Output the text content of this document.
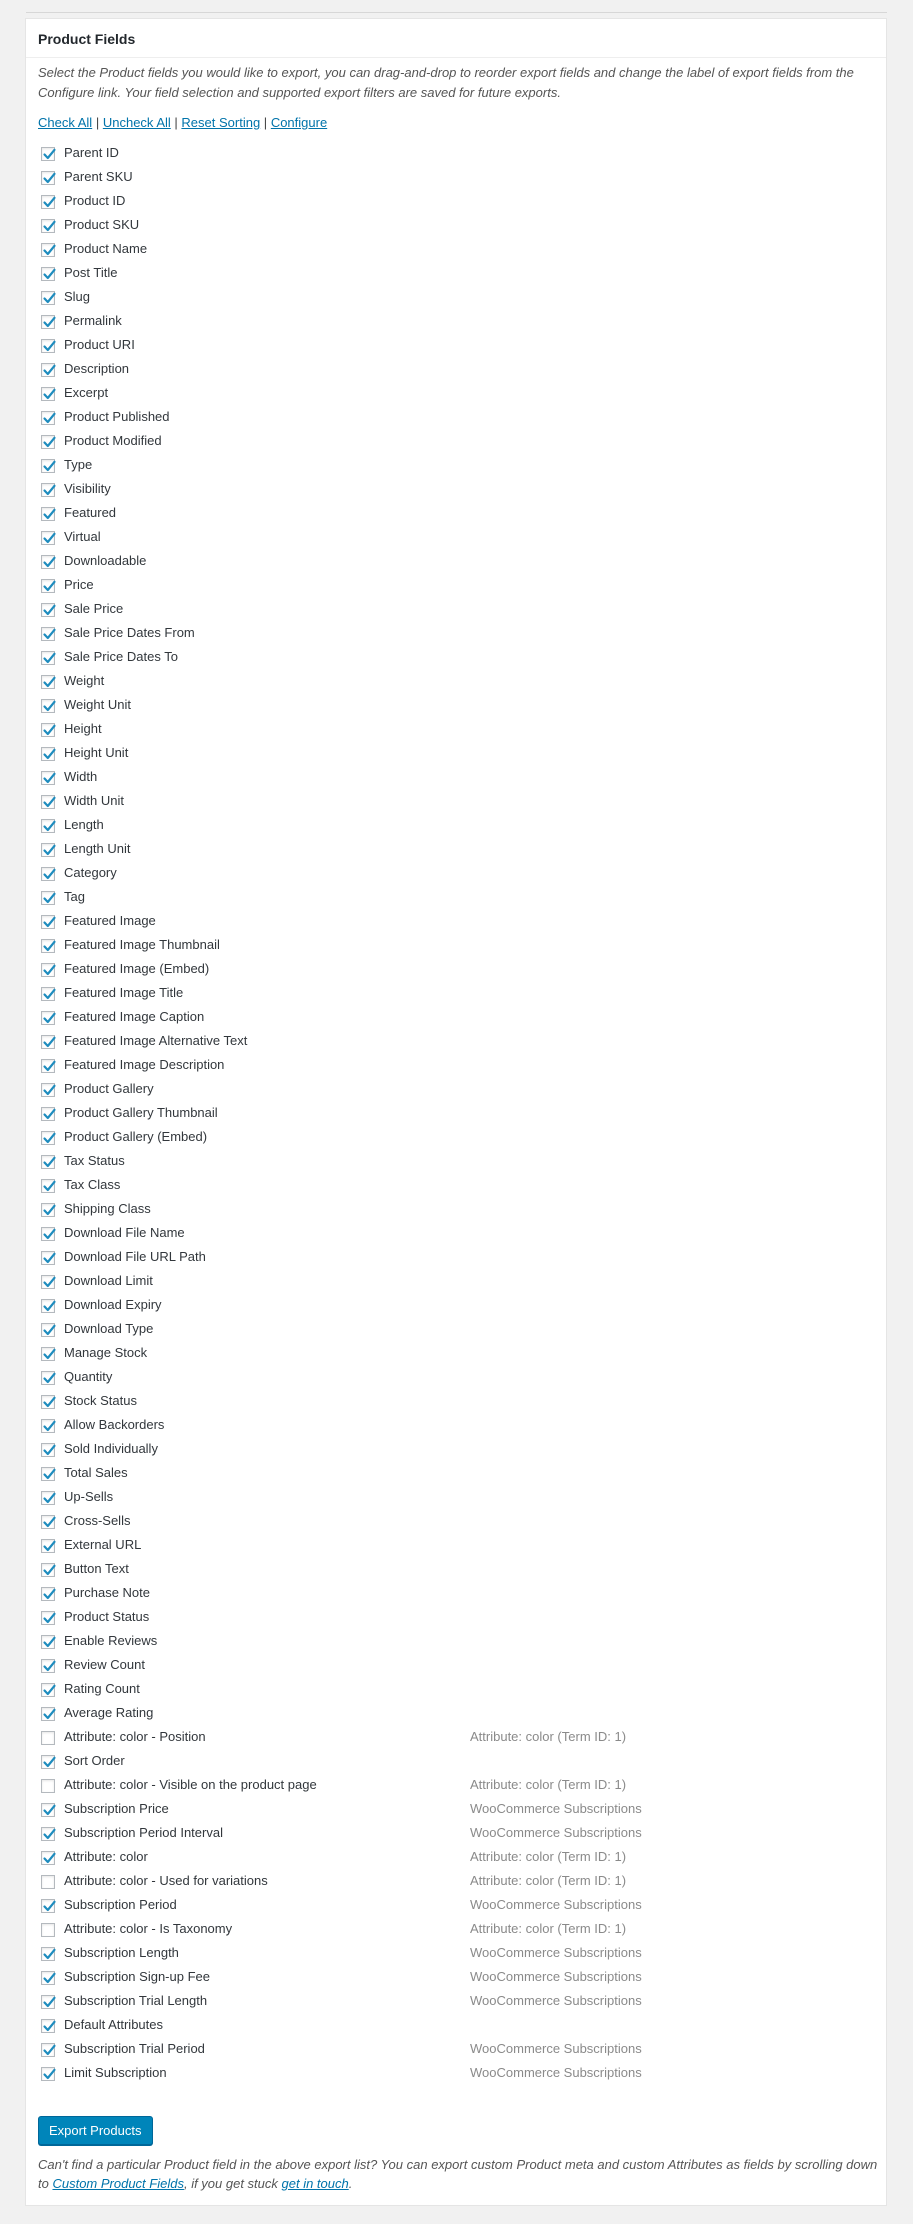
Product Fields

Select the Product fields you would like to export, you can drag-and-drop to reorder export fields and change the label of export fields from the Configure link. Your field selection and supported export filters are saved for future exports.

Check All | Uncheck All | Reset Sorting | Configure
Parent ID
Parent SKU
Product ID
Product SKU
Product Name
Post Title
Slug
Permalink
Product URI
Description
Excerpt
Product Published
Product Modified
Type
Visibility
Featured
Virtual
Downloadable
Price
Sale Price
Sale Price Dates From
Sale Price Dates To
Weight
Weight Unit
Height
Height Unit
Width
Width Unit
Length
Length Unit
Category
Tag
Featured Image
Featured Image Thumbnail
Featured Image (Embed)
Featured Image Title
Featured Image Caption
Featured Image Alternative Text
Featured Image Description
Product Gallery
Product Gallery Thumbnail
Product Gallery (Embed)
Tax Status
Tax Class
Shipping Class
Download File Name
Download File URL Path
Download Limit
Download Expiry
Download Type
Manage Stock
Quantity
Stock Status
Allow Backorders
Sold Individually
Total Sales
Up-Sells
Cross-Sells
External URL
Button Text
Purchase Note
Product Status
Enable Reviews
Review Count
Rating Count
Average Rating
Attribute: color - Position	Attribute: color (Term ID: 1)
Sort Order
Attribute: color - Visible on the product page	Attribute: color (Term ID: 1)
Subscription Price	WooCommerce Subscriptions
Subscription Period Interval	WooCommerce Subscriptions
Attribute: color	Attribute: color (Term ID: 1)
Attribute: color - Used for variations	Attribute: color (Term ID: 1)
Subscription Period	WooCommerce Subscriptions
Attribute: color - Is Taxonomy	Attribute: color (Term ID: 1)
Subscription Length	WooCommerce Subscriptions
Subscription Sign-up Fee	WooCommerce Subscriptions
Subscription Trial Length	WooCommerce Subscriptions
Default Attributes
Subscription Trial Period	WooCommerce Subscriptions
Limit Subscription	WooCommerce Subscriptions
Export Products

Can't find a particular Product field in the above export list? You can export custom Product meta and custom Attributes as fields by scrolling down to Custom Product Fields, if you get stuck get in touch.
